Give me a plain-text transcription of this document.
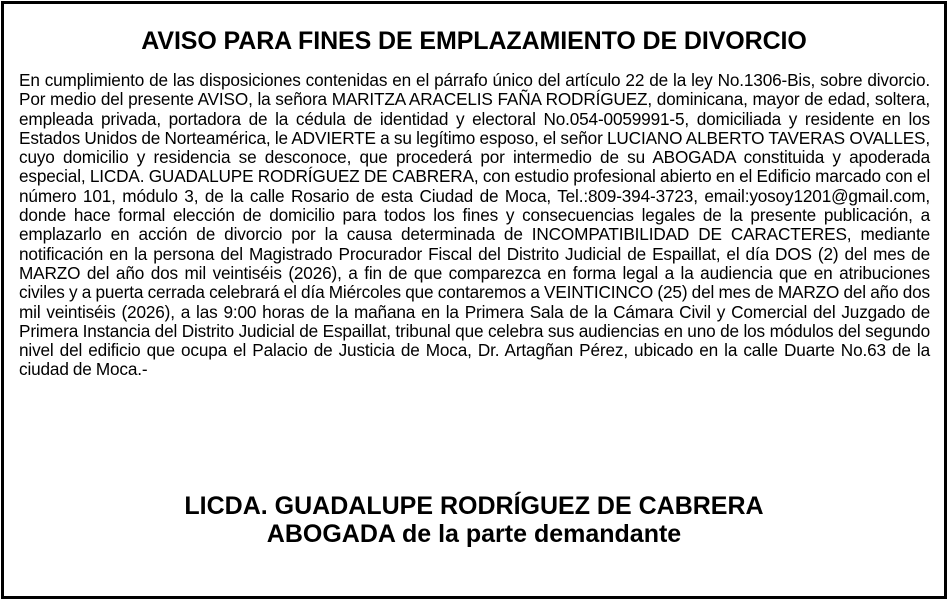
AVISO PARA FINES DE EMPLAZAMIENTO DE DIVORCIO

En cumplimiento de las disposiciones contenidas en el párrafo único del artículo 22 de la ley No.1306-Bis, sobre divorcio. Por medio del presente AVISO, la señora MARITZA ARACELIS FAÑA RODRÍGUEZ, dominicana, mayor de edad, soltera, empleada privada, portadora de la cédula de identidad y electoral No.054-0059991-5, domiciliada y residente en los Estados Unidos de Norteamérica, le ADVIERTE a su legítimo esposo, el señor LUCIANO ALBERTO TAVERAS OVALLES, cuyo domicilio y residencia se desconoce, que procederá por intermedio de su ABOGADA constituida y apoderada especial, LICDA. GUADALUPE RODRÍGUEZ DE CABRERA, con estudio profesional abierto en el Edificio marcado con el número 101, módulo 3, de la calle Rosario de esta Ciudad de Moca, Tel.:809-394-3723, email:yosoy1201@gmail.com, donde hace formal elección de domicilio para todos los fines y consecuencias legales de la presente publicación, a emplazarlo en acción de divorcio por la causa determinada de INCOMPATIBILIDAD DE CARACTERES, mediante notificación en la persona del Magistrado Procurador Fiscal del Distrito Judicial de Espaillat, el día DOS (2) del mes de MARZO del año dos mil veintiséis (2026), a fin de que comparezca en forma legal a la audiencia que en atribuciones civiles y a puerta cerrada celebrará el día Miércoles que contaremos a VEINTICINCO (25) del mes de MARZO del año dos mil veintiséis (2026), a las 9:00 horas de la mañana en la Primera Sala de la Cámara Civil y Comercial del Juzgado de Primera Instancia del Distrito Judicial de Espaillat, tribunal que celebra sus audiencias en uno de los módulos del segundo nivel del edificio que ocupa el Palacio de Justicia de Moca, Dr. Artagñan Pérez, ubicado en la calle Duarte No.63 de la ciudad de Moca.-

LICDA. GUADALUPE RODRÍGUEZ DE CABRERA
ABOGADA de la parte demandante
